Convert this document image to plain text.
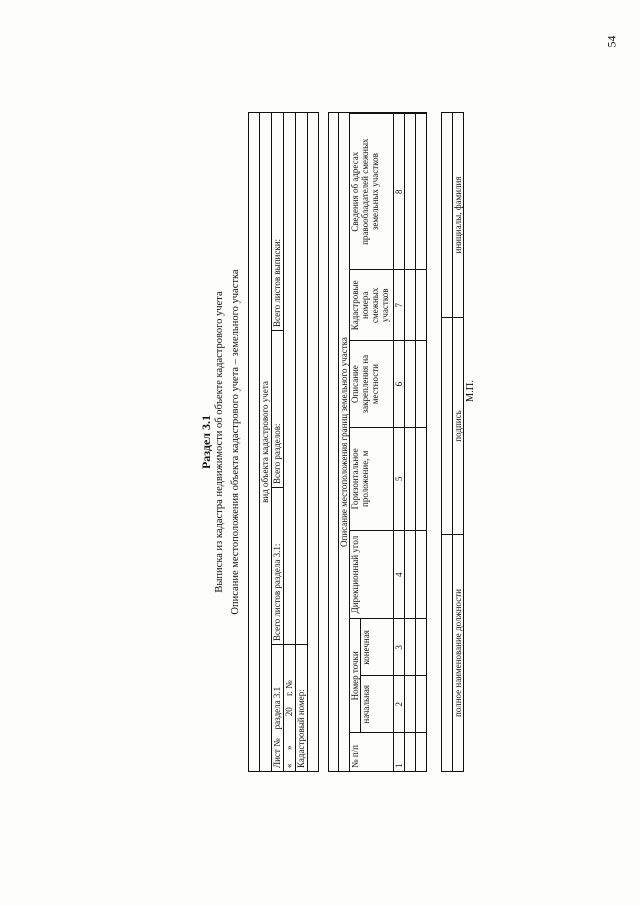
54
Раздел 3.1 Выписка из кадастра недвижимости об объекте кадастрового учета Описание местоположения объекта кадастрового учета – земельного участка вид объекта кадастрового учета			
Лист №    раздела 3.1	Всего листов раздела 3.1:	Всего разделов:	Всего листов выписки:
«      »             20     г. №			
Кадастровый номер:			

Описание местоположения границ земельного участка								
№ п/п	Номер точки		Дирекционный угол	Горизонтальное проложение, м	Описание закрепления на местности	Кадастровые номера смежных участков	Сведения об адресах правообладателей смежных земельных участков	
	начальная	конечная						
1	2	3	4	5	6	7	8	

полное наименование должности	подпись	инициалы, фамилия
М.П.
